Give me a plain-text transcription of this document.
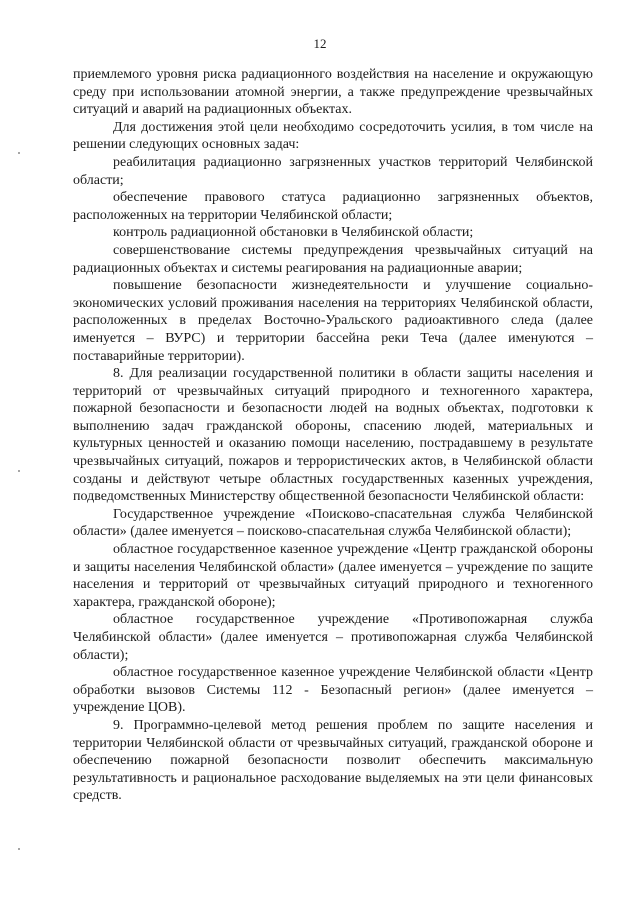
12

приемлемого уровня риска радиационного воздействия на население и окружающую среду при использовании атомной энергии, а также предупреждение чрезвычайных ситуаций и аварий на радиационных объектах.

Для достижения этой цели необходимо сосредоточить усилия, в том числе на решении следующих основных задач:

реабилитация радиационно загрязненных участков территорий Челябинской области;

обеспечение правового статуса радиационно загрязненных объектов, расположенных на территории Челябинской области;

контроль радиационной обстановки в Челябинской области;

совершенствование системы предупреждения чрезвычайных ситуаций на радиационных объектах и системы реагирования на радиационные аварии;

повышение безопасности жизнедеятельности и улучшение социально-экономических условий проживания населения на территориях Челябинской области, расположенных в пределах Восточно-Уральского радиоактивного следа (далее именуется – ВУРС) и территории бассейна реки Теча (далее именуются – поставарийные территории).

8. Для реализации государственной политики в области защиты населения и территорий от чрезвычайных ситуаций природного и техногенного характера, пожарной безопасности и безопасности людей на водных объектах, подготовки к выполнению задач гражданской обороны, спасению людей, материальных и культурных ценностей и оказанию помощи населению, пострадавшему в результате чрезвычайных ситуаций, пожаров и террористических актов, в Челябинской области созданы и действуют четыре областных государственных казенных учреждения, подведомственных Министерству общественной безопасности Челябинской области:

Государственное учреждение «Поисково-спасательная служба Челябинской области» (далее именуется – поисково-спасательная служба Челябинской области);

областное государственное казенное учреждение «Центр гражданской обороны и защиты населения Челябинской области» (далее именуется – учреждение по защите населения и территорий от чрезвычайных ситуаций природного и техногенного характера, гражданской обороне);

областное государственное учреждение «Противопожарная служба Челябинской области» (далее именуется – противопожарная служба Челябинской области);

областное государственное казенное учреждение Челябинской области «Центр обработки вызовов Системы 112 - Безопасный регион» (далее именуется – учреждение ЦОВ).

9. Программно-целевой метод решения проблем по защите населения и территории Челябинской области от чрезвычайных ситуаций, гражданской обороне и обеспечению пожарной безопасности позволит обеспечить максимальную результативность и рациональное расходование выделяемых на эти цели финансовых средств.
